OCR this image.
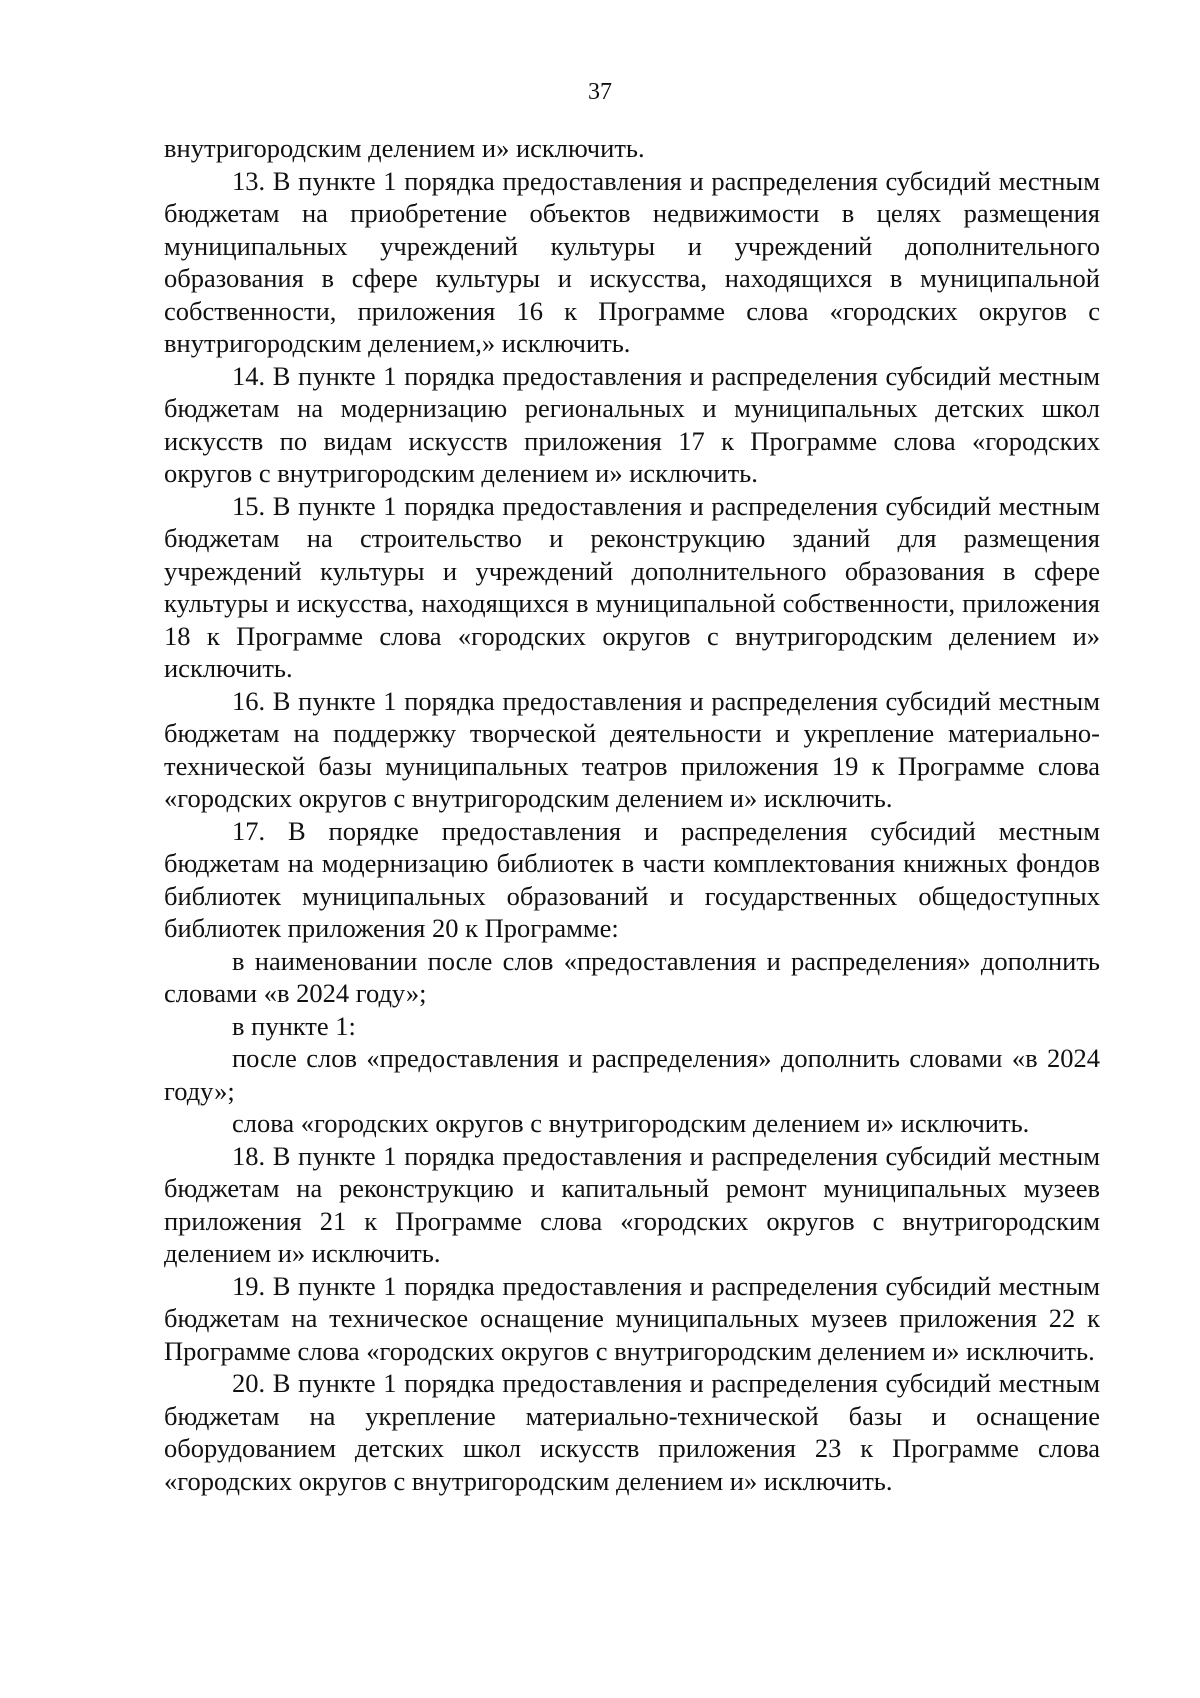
37

внутригородским делением и» исключить.

13. В пункте 1 порядка предоставления и распределения субсидий местным бюджетам на приобретение объектов недвижимости в целях размещения муниципальных учреждений культуры и учреждений дополнительного образования в сфере культуры и искусства, находящихся в муниципальной собственности, приложения 16 к Программе слова «городских округов с внутригородским делением,» исключить.

14. В пункте 1 порядка предоставления и распределения субсидий местным бюджетам на модернизацию региональных и муниципальных детских школ искусств по видам искусств приложения 17 к Программе слова «городских округов с внутригородским делением и» исключить.

15. В пункте 1 порядка предоставления и распределения субсидий местным бюджетам на строительство и реконструкцию зданий для размещения учреждений культуры и учреждений дополнительного образования в сфере культуры и искусства, находящихся в муниципальной собственности, приложения 18 к Программе слова «городских округов с внутригородским делением и» исключить.

16. В пункте 1 порядка предоставления и распределения субсидий местным бюджетам на поддержку творческой деятельности и укрепление материально-технической базы муниципальных театров приложения 19 к Программе слова «городских округов с внутригородским делением и» исключить.

17. В порядке предоставления и распределения субсидий местным бюджетам на модернизацию библиотек в части комплектования книжных фондов библиотек муниципальных образований и государственных общедоступных библиотек приложения 20 к Программе:

в наименовании после слов «предоставления и распределения» дополнить словами «в 2024 году»;

в пункте 1:

после слов «предоставления и распределения» дополнить словами «в 2024 году»;

слова «городских округов с внутригородским делением и» исключить.

18. В пункте 1 порядка предоставления и распределения субсидий местным бюджетам на реконструкцию и капитальный ремонт муниципальных музеев приложения 21 к Программе слова «городских округов с внутригородским делением и» исключить.

19. В пункте 1 порядка предоставления и распределения субсидий местным бюджетам на техническое оснащение муниципальных музеев приложения 22 к Программе слова «городских округов с внутригородским делением и» исключить.

20. В пункте 1 порядка предоставления и распределения субсидий местным бюджетам на укрепление материально-технической базы и оснащение оборудованием детских школ искусств приложения 23 к Программе слова «городских округов с внутригородским делением и» исключить.
